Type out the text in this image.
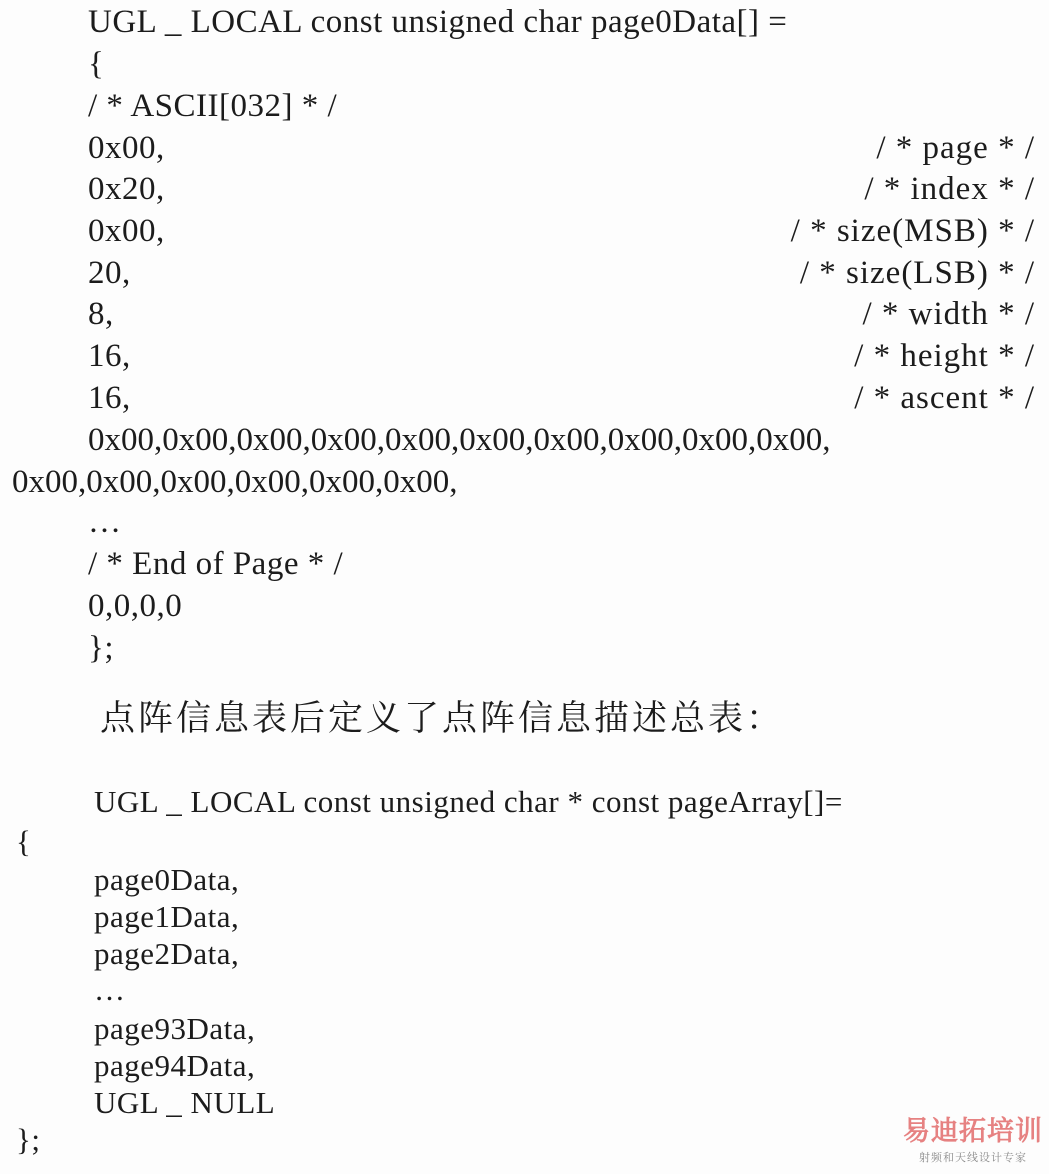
UGL _ LOCAL const unsigned char page0Data[] =
{
/ * ASCII[032] * /
0x00,	/ * page * /
0x20,	/ * index * /
0x00,	/ * size(MSB) * /
20,	/ * size(LSB) * /
8,	/ * width * /
16,	/ * height * /
16,	/ * ascent * /
0x00,0x00,0x00,0x00,0x00,0x00,0x00,0x00,0x00,0x00,
0x00,0x00,0x00,0x00,0x00,0x00,
…
/ * End of Page * /
0,0,0,0
};
点阵信息表后定义了点阵信息描述总表：
UGL _ LOCAL const unsigned char * const pageArray[]=
{
page0Data,
page1Data,
page2Data,
…
page93Data,
page94Data,
UGL _ NULL
};	易迪拓培训
射频和天线设计专家
